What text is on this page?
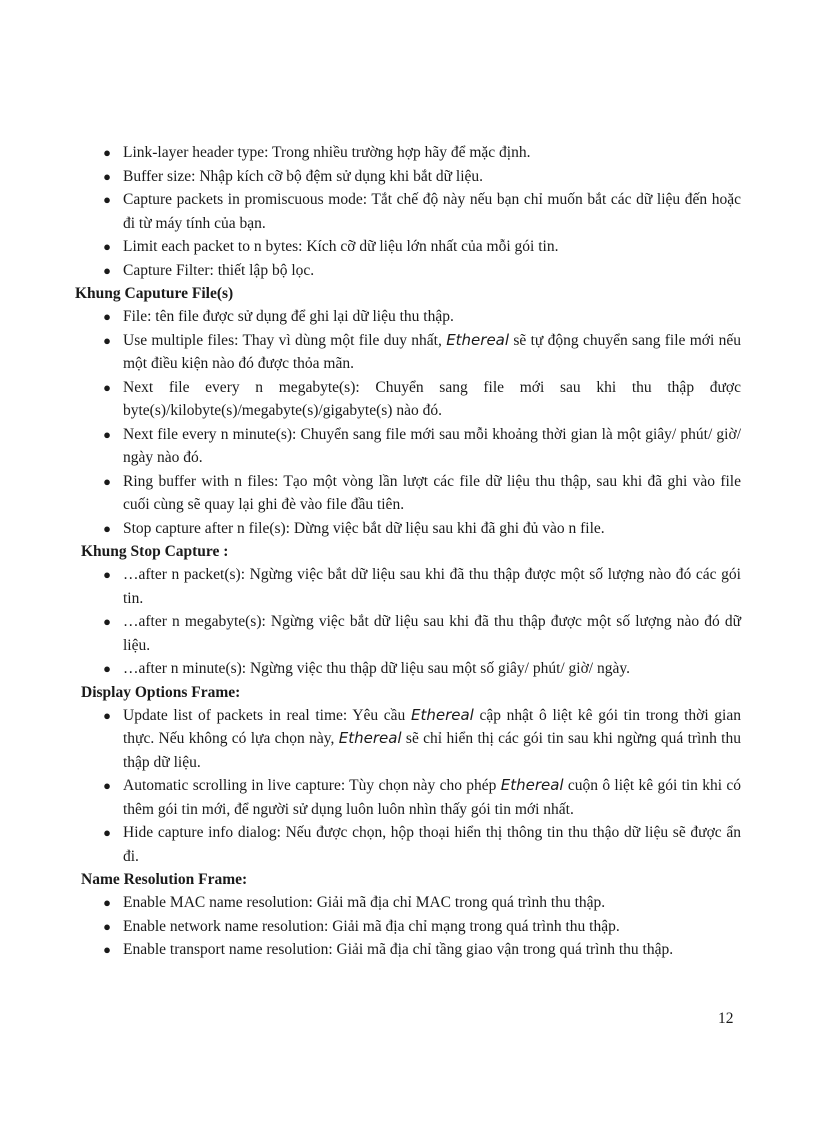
● Link-layer header type: Trong nhiều trường hợp hãy để mặc định.
● Buffer size: Nhập kích cỡ bộ đệm sử dụng khi bắt dữ liệu.
● Capture packets in promiscuous mode: Tắt chế độ này nếu bạn chỉ muốn bắt các dữ liệu đến hoặc đi từ máy tính của bạn.
● Limit each packet to n bytes: Kích cỡ dữ liệu lớn nhất của mỗi gói tin.
● Capture Filter: thiết lập bộ lọc.
Khung Caputure File(s)
● File: tên file được sử dụng để ghi lại dữ liệu thu thập.
● Use multiple files: Thay vì dùng một file duy nhất, Ethereal sẽ tự động chuyển sang file mới nếu một điều kiện nào đó được thỏa mãn.
● Next file every n megabyte(s): Chuyển sang file mới sau khi thu thập được byte(s)/kilobyte(s)/megabyte(s)/gigabyte(s) nào đó.
● Next file every n minute(s): Chuyển sang file mới sau mỗi khoảng thời gian là một giây/ phút/ giờ/ ngày nào đó.
● Ring buffer with n files: Tạo một vòng lần lượt các file dữ liệu thu thập, sau khi đã ghi vào file cuối cùng sẽ quay lại ghi đè vào file đầu tiên.
● Stop capture after n file(s): Dừng việc bắt dữ liệu sau khi đã ghi đủ vào n file.
Khung Stop Capture :
● …after n packet(s): Ngừng việc bắt dữ liệu sau khi đã thu thập được một số lượng nào đó các gói tin.
● …after n megabyte(s): Ngừng việc bắt dữ liệu sau khi đã thu thập được một số lượng nào đó dữ liệu.
● …after n minute(s): Ngừng việc thu thập dữ liệu sau một số giây/ phút/ giờ/ ngày.
Display Options Frame:
● Update list of packets in real time: Yêu cầu Ethereal cập nhật ô liệt kê gói tin trong thời gian thực. Nếu không có lựa chọn này, Ethereal sẽ chỉ hiển thị các gói tin sau khi ngừng quá trình thu thập dữ liệu.
● Automatic scrolling in live capture: Tùy chọn này cho phép Ethereal cuộn ô liệt kê gói tin khi có thêm gói tin mới, để người sử dụng luôn luôn nhìn thấy gói tin mới nhất.
● Hide capture info dialog: Nếu được chọn, hộp thoại hiển thị thông tin thu thậo dữ liệu sẽ được ẩn đi.
Name Resolution Frame:
● Enable MAC name resolution: Giải mã địa chỉ MAC trong quá trình thu thập.
● Enable network name resolution: Giải mã địa chỉ mạng trong quá trình thu thập.
● Enable transport name resolution: Giải mã địa chỉ tầng giao vận trong quá trình thu thập.
12
